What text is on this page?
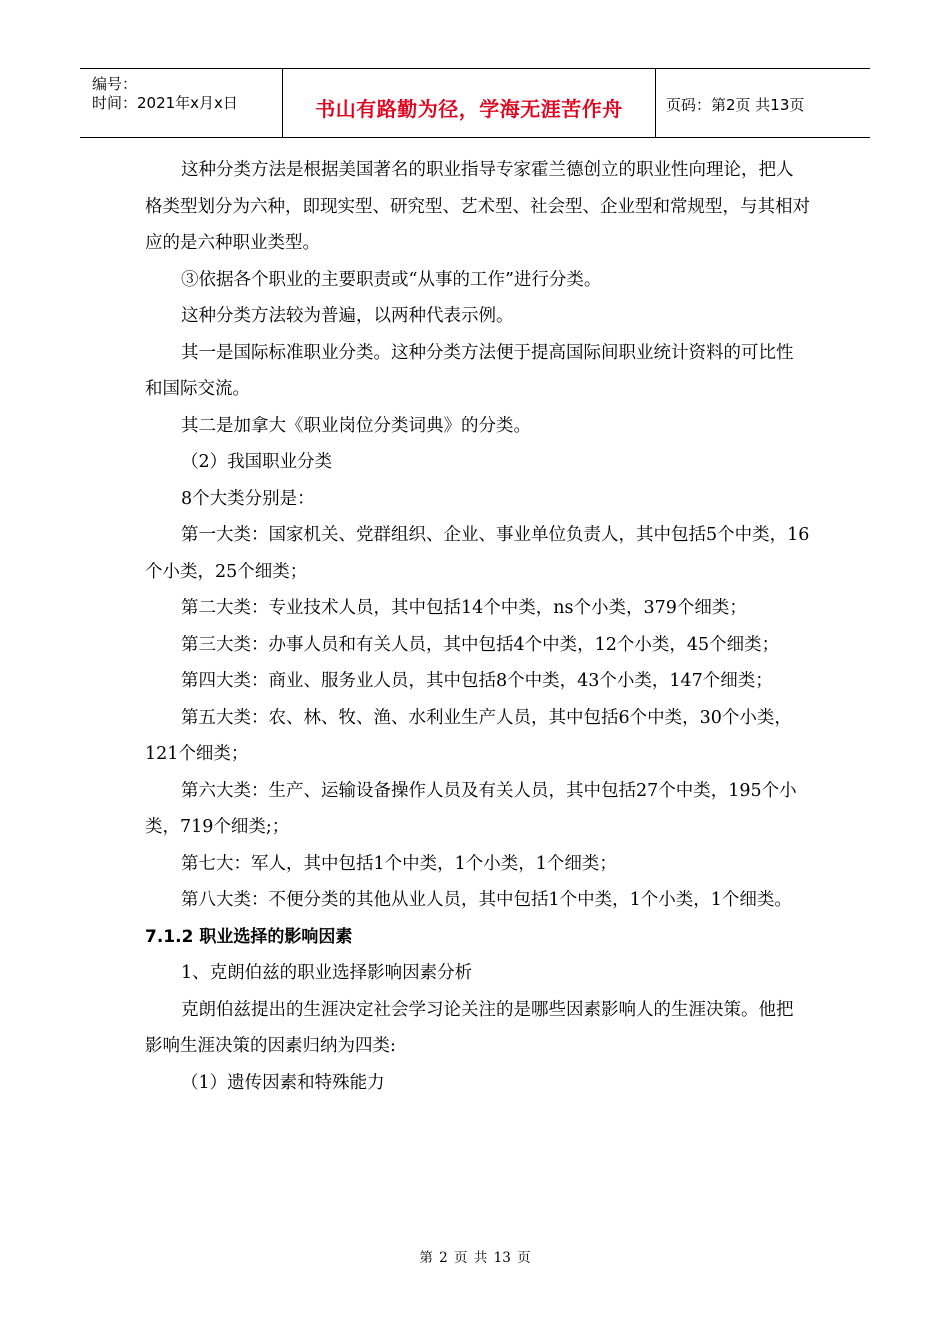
编号：
时间：2021年x月x日	书山有路勤为径，学海无涯苦作舟	页码：第2页 共13页

这种分类方法是根据美国著名的职业指导专家霍兰德创立的职业性向理论，把人格类型划分为六种，即现实型、研究型、艺术型、社会型、企业型和常规型，与其相对应的是六种职业类型。

③依据各个职业的主要职责或“从事的工作”进行分类。

这种分类方法较为普遍，以两种代表示例。

其一是国际标准职业分类。这种分类方法便于提高国际间职业统计资料的可比性和国际交流。

其二是加拿大《职业岗位分类词典》的分类。

（2）我国职业分类

8个大类分别是：

第一大类：国家机关、党群组织、企业、事业单位负责人，其中包括5个中类，16个小类，25个细类；

第二大类：专业技术人员，其中包括14个中类，ns个小类，379个细类；

第三大类：办事人员和有关人员，其中包括4个中类，12个小类，45个细类；

第四大类：商业、服务业人员，其中包括8个中类，43个小类，147个细类；

第五大类：农、林、牧、渔、水利业生产人员，其中包括6个中类，30个小类，121个细类；

第六大类：生产、运输设备操作人员及有关人员，其中包括27个中类，195个小类，719个细类;；

第七大：军人，其中包括1个中类，1个小类，1个细类；

第八大类：不便分类的其他从业人员，其中包括1个中类，1个小类，1个细类。

7.1.2 职业选择的影响因素

1、克朗伯兹的职业选择影响因素分析

克朗伯兹提出的生涯决定社会学习论关注的是哪些因素影响人的生涯决策。他把影响生涯决策的因素归纳为四类:

（1）遗传因素和特殊能力

第 2 页 共 13 页
